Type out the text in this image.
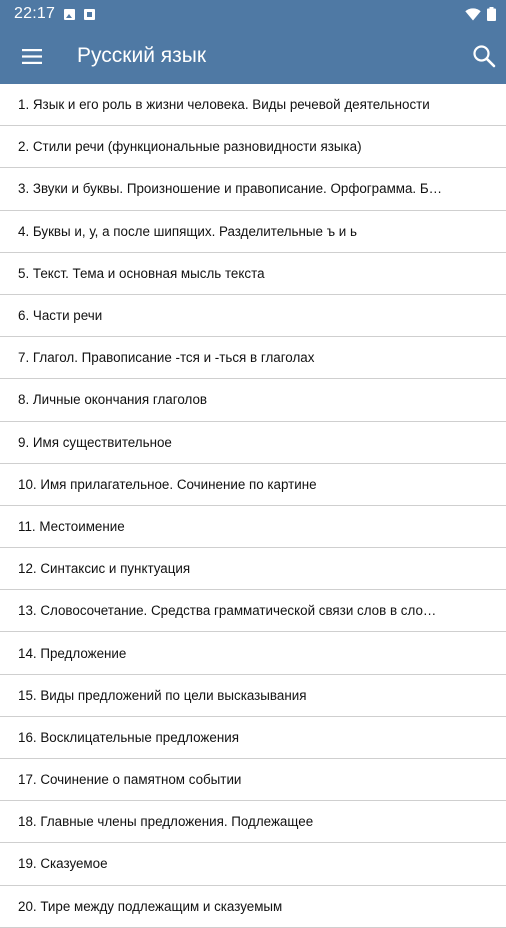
22:17
Русский язык
1. Язык и его роль в жизни человека. Виды речевой деятельности
2. Стили речи (функциональные разновидности языка)
3. Звуки и буквы. Произношение и правописание. Орфограмма. Б…
4. Буквы и, у, а после шипящих. Разделительные ъ и ь
5. Текст. Тема и основная мысль текста
6. Части речи
7. Глагол. Правописание -тся и -ться в глаголах
8. Личные окончания глаголов
9. Имя существительное
10. Имя прилагательное. Сочинение по картине
11. Местоимение
12. Синтаксис и пунктуация
13. Словосочетание. Средства грамматической связи слов в сло…
14. Предложение
15. Виды предложений по цели высказывания
16. Восклицательные предложения
17. Сочинение о памятном событии
18. Главные члены предложения. Подлежащее
19. Сказуемое
20. Тире между подлежащим и сказуемым
